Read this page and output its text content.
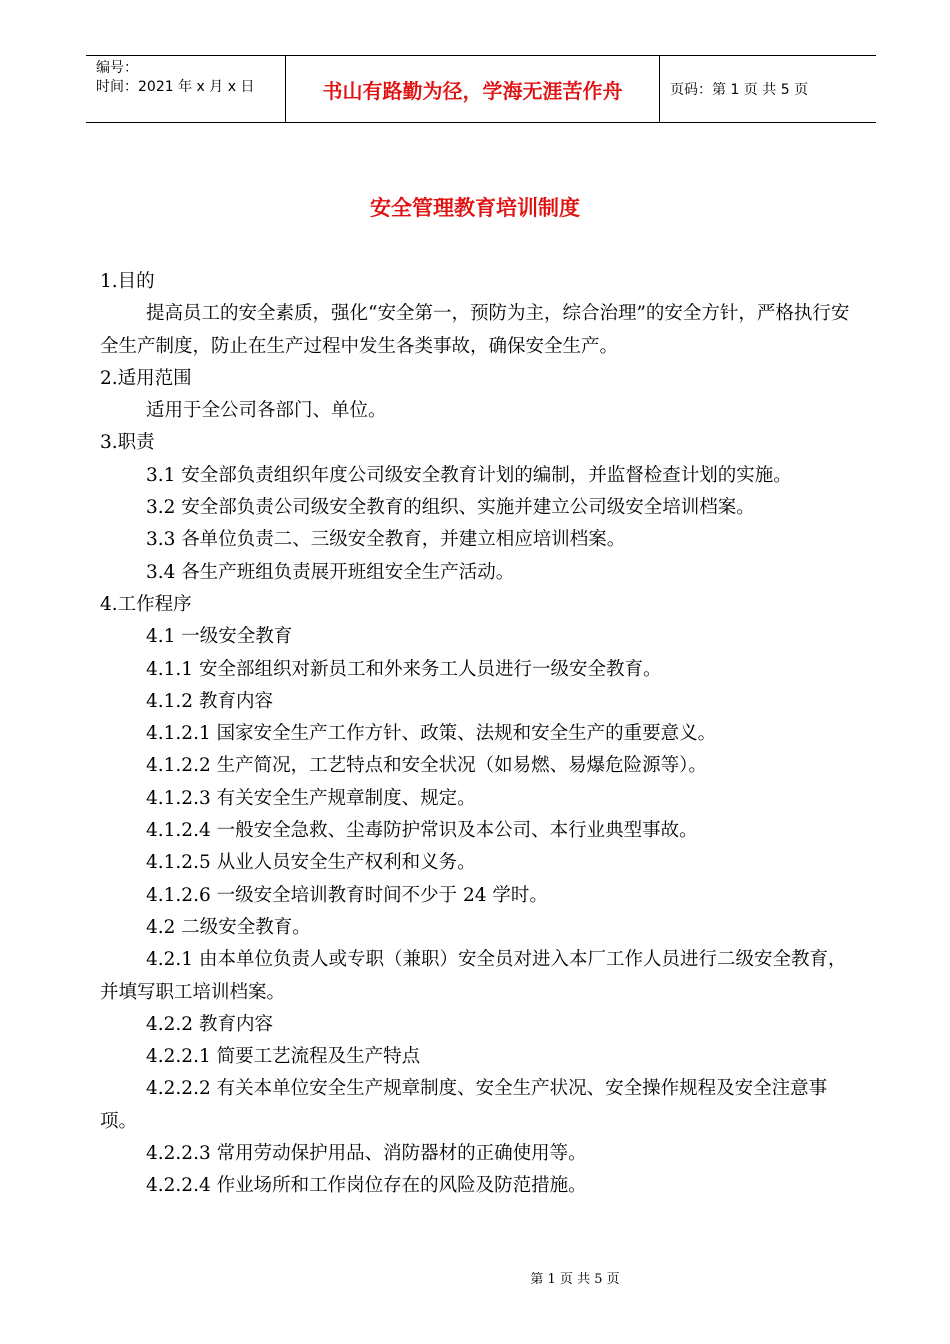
编号：
时间：2021 年 x 月 x 日	书山有路勤为径，学海无涯苦作舟	页码：第 1 页 共 5 页
安全管理教育培训制度

1.目的

提高员工的安全素质，强化“安全第一，预防为主，综合治理”的安全方针，严格执行安全生产制度，防止在生产过程中发生各类事故，确保安全生产。

2.适用范围

适用于全公司各部门、单位。

3.职责

3.1 安全部负责组织年度公司级安全教育计划的编制，并监督检查计划的实施。

3.2 安全部负责公司级安全教育的组织、实施并建立公司级安全培训档案。

3.3 各单位负责二、三级安全教育，并建立相应培训档案。

3.4 各生产班组负责展开班组安全生产活动。

4.工作程序

4.1 一级安全教育

4.1.1 安全部组织对新员工和外来务工人员进行一级安全教育。

4.1.2 教育内容

4.1.2.1 国家安全生产工作方针、政策、法规和安全生产的重要意义。

4.1.2.2 生产简况，工艺特点和安全状况（如易燃、易爆危险源等）。

4.1.2.3 有关安全生产规章制度、规定。

4.1.2.4 一般安全急救、尘毒防护常识及本公司、本行业典型事故。

4.1.2.5 从业人员安全生产权利和义务。

4.1.2.6 一级安全培训教育时间不少于 24 学时。

4.2 二级安全教育。

4.2.1 由本单位负责人或专职（兼职）安全员对进入本厂工作人员进行二级安全教育，并填写职工培训档案。

4.2.2 教育内容

4.2.2.1 简要工艺流程及生产特点

4.2.2.2 有关本单位安全生产规章制度、安全生产状况、安全操作规程及安全注意事项。

4.2.2.3 常用劳动保护用品、消防器材的正确使用等。

4.2.2.4 作业场所和工作岗位存在的风险及防范措施。

第 1 页 共 5 页
